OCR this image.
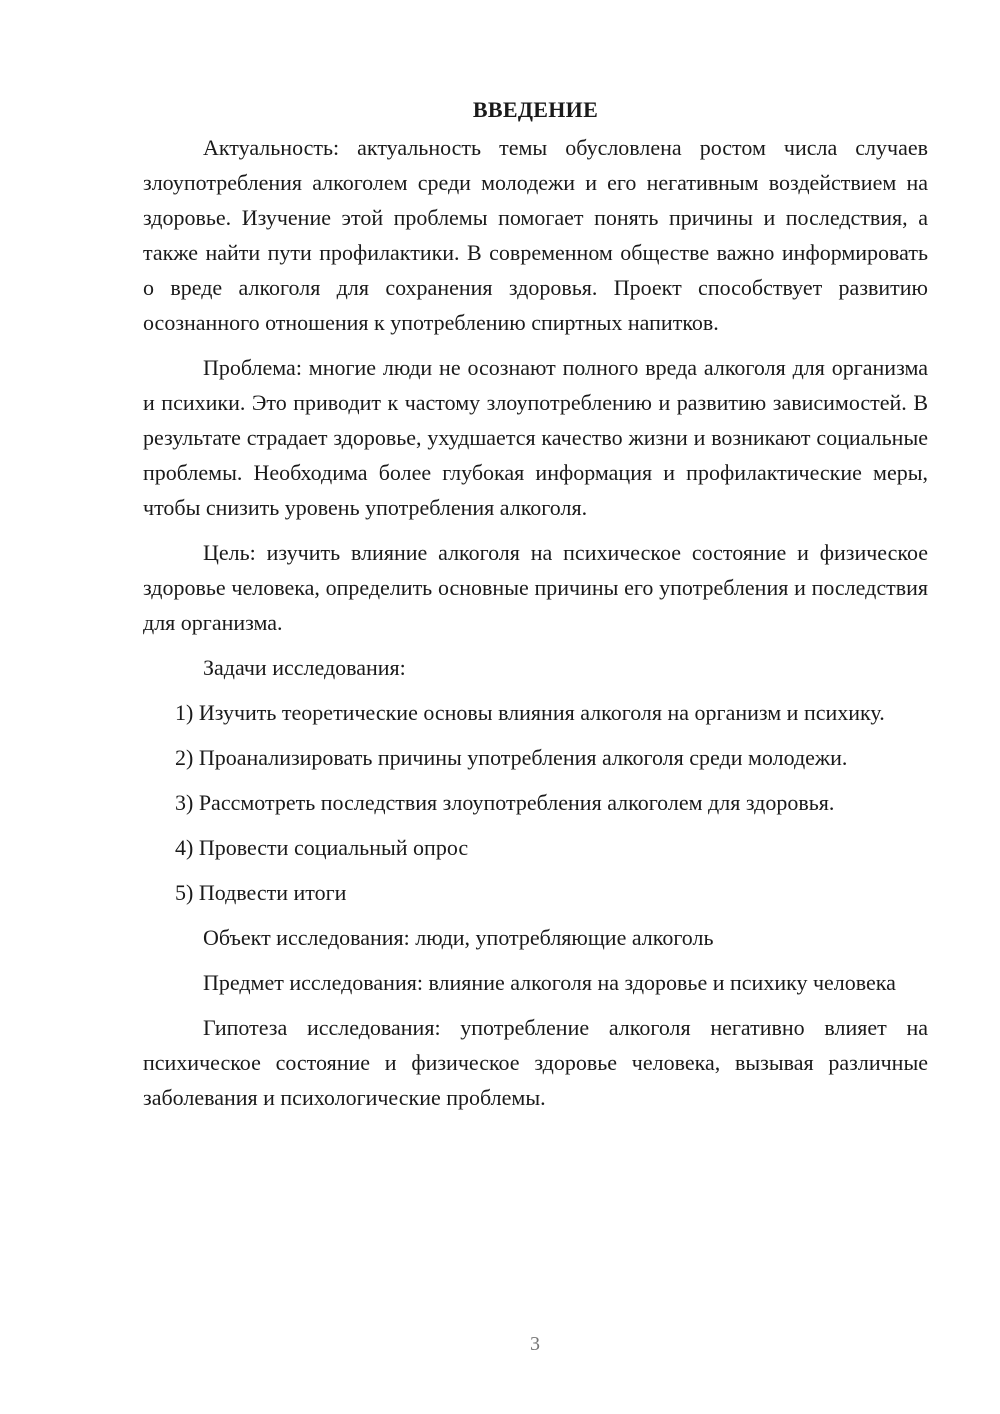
ВВЕДЕНИЕ

Актуальность: актуальность темы обусловлена ростом числа случаев злоупотребления алкоголем среди молодежи и его негативным воздействием на здоровье. Изучение этой проблемы помогает понять причины и последствия, а также найти пути профилактики. В современном обществе важно информировать о вреде алкоголя для сохранения здоровья. Проект способствует развитию осознанного отношения к употреблению спиртных напитков.

Проблема: многие люди не осознают полного вреда алкоголя для организма и психики. Это приводит к частому злоупотреблению и развитию зависимостей. В результате страдает здоровье, ухудшается качество жизни и возникают социальные проблемы. Необходима более глубокая информация и профилактические меры, чтобы снизить уровень употребления алкоголя.

Цель: изучить влияние алкоголя на психическое состояние и физическое здоровье человека, определить основные причины его употребления и последствия для организма.

Задачи исследования:

1) Изучить теоретические основы влияния алкоголя на организм и психику.

2) Проанализировать причины употребления алкоголя среди молодежи.

3) Рассмотреть последствия злоупотребления алкоголем для здоровья.

4) Провести социальный опрос

5) Подвести итоги

Объект исследования: люди, употребляющие алкоголь

Предмет исследования: влияние алкоголя на здоровье и психику человека

Гипотеза исследования: употребление алкоголя негативно влияет на психическое состояние и физическое здоровье человека, вызывая различные заболевания и психологические проблемы.

3
